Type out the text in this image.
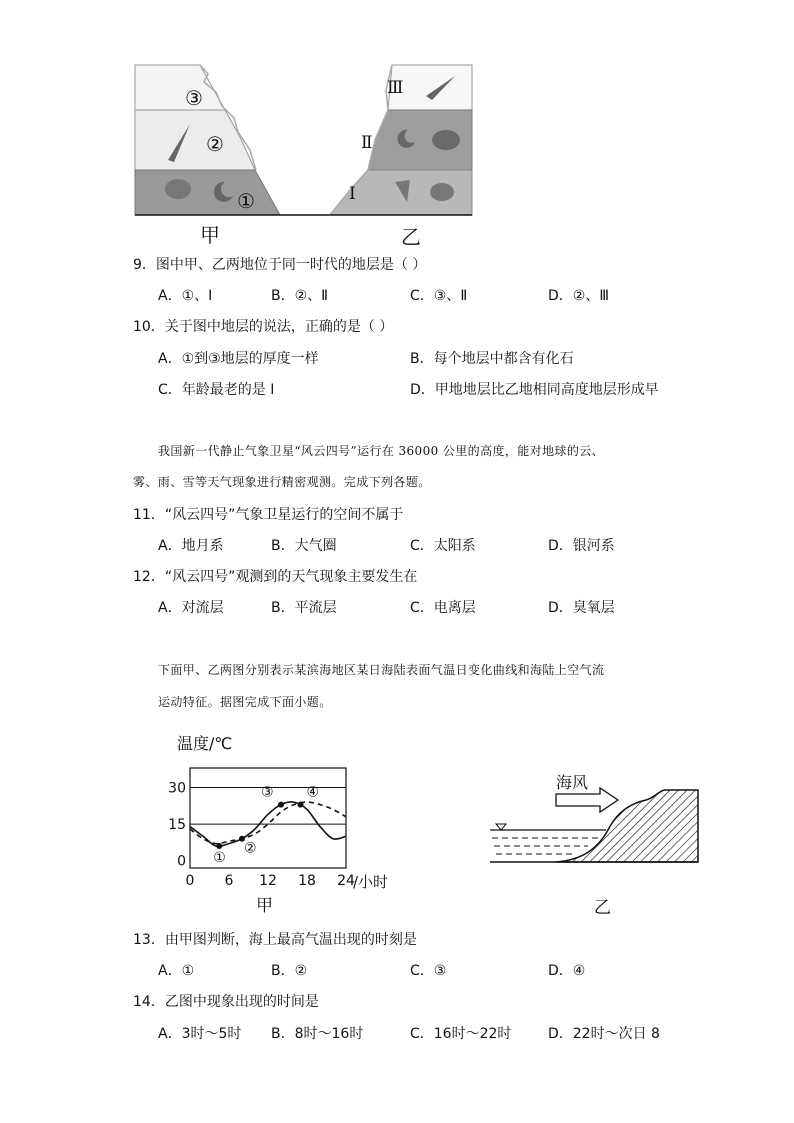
③
②
①
Ⅲ
Ⅱ
I
甲	乙
9．图中甲、乙两地位于同一时代的地层是（ ）
A．①、I	B．②、Ⅱ	C．③、Ⅱ	D．②、Ⅲ
10．关于图中地层的说法，正确的是（ ）
A．①到③地层的厚度一样	B．每个地层中都含有化石
C．年龄最老的是 I	D．甲地地层比乙地相同高度地层形成早
我国新一代静止气象卫星“风云四号”运行在 36000 公里的高度，能对地球的云、
雾、雨、雪等天气现象进行精密观测。完成下列各题。
11．“风云四号”气象卫星运行的空间不属于
A．地月系	B．大气圈	C．太阳系	D．银河系
12．“风云四号”观测到的天气现象主要发生在
A．对流层	B．平流层	C．电离层	D．臭氧层
下面甲、乙两图分别表示某滨海地区某日海陆表面气温日变化曲线和海陆上空气流
运动特征。据图完成下面小题。
温度/℃
0
15
30
0 6 12 18 24
①
②
③ ④
/小时
甲
海风
乙
13．由甲图判断，海上最高气温出现的时刻是
A．①	B．②	C．③	D．④
14．乙图中现象出现的时间是
A．3时～5时 B．8时～16时	C．16时～22时	D．22时～次日 8
